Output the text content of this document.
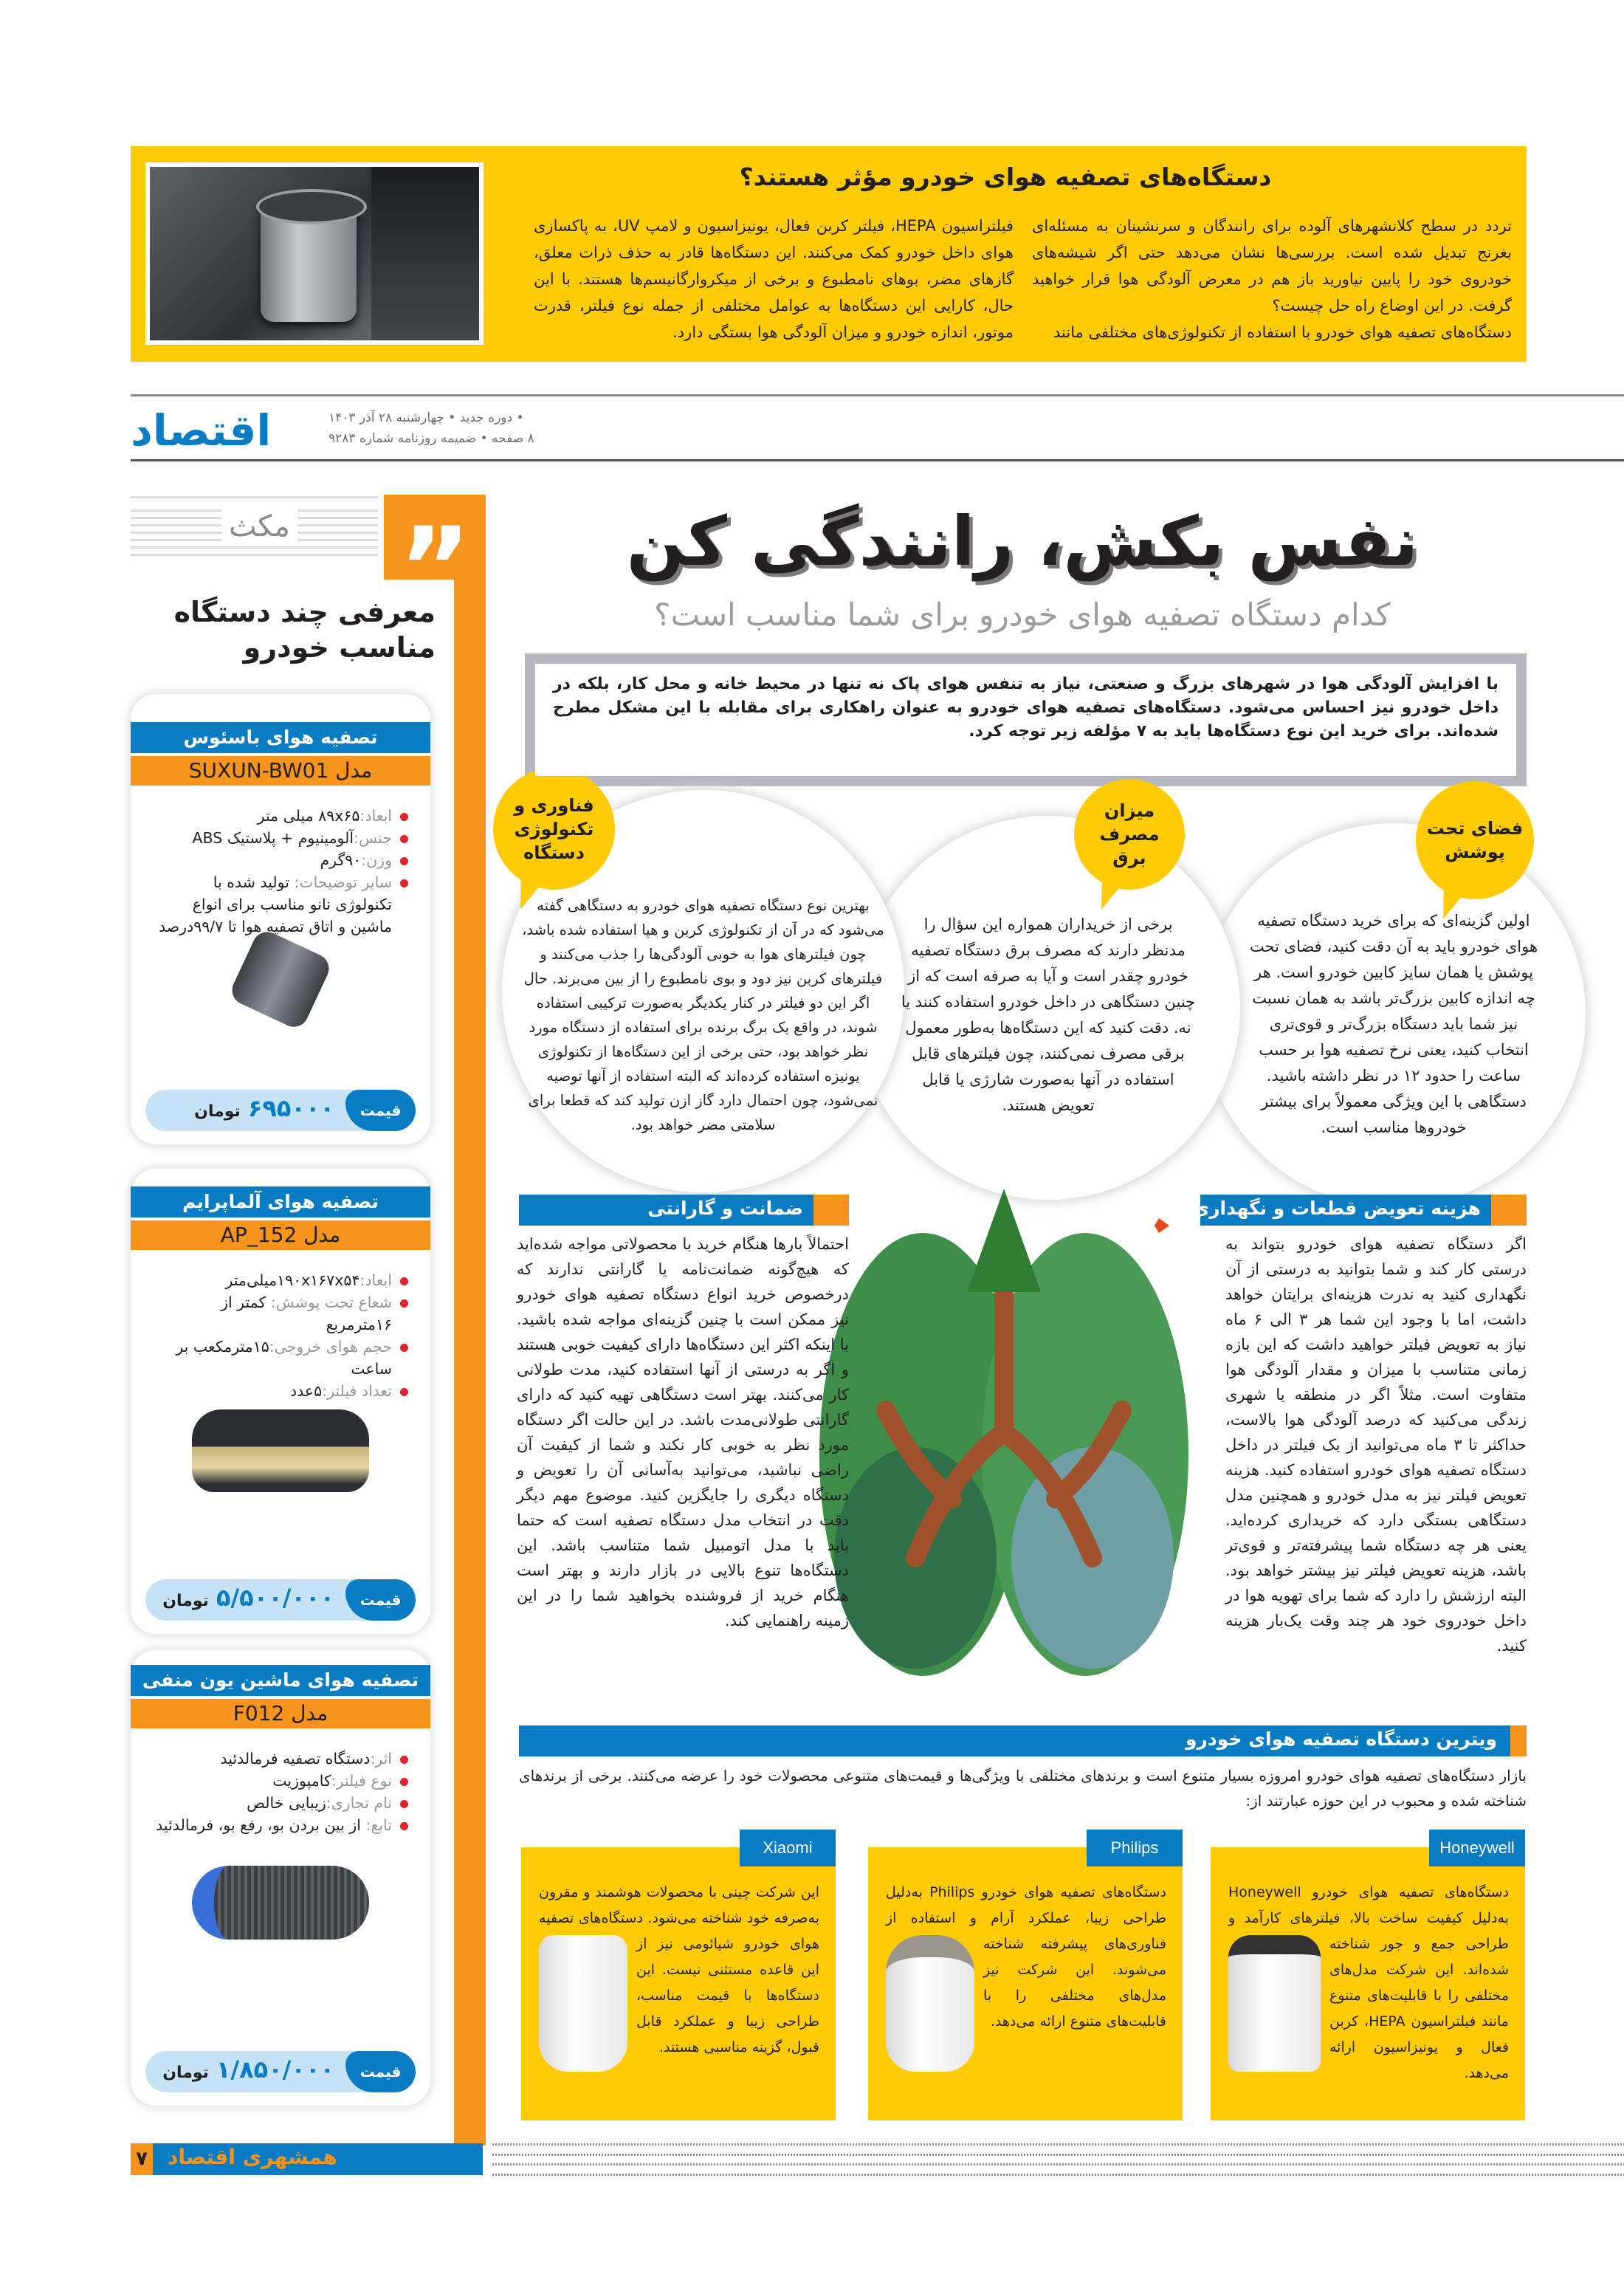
دستگاه‌های تصفیه هوای خودرو مؤثر هستند؟

تردد در سطح کلانشهرهای آلوده برای رانندگان و سرنشینان به مسئله‌ای بغرنج تبدیل شده است. بررسی‌ها نشان می‌دهد حتی اگر شیشه‌های خودروی خود را پایین نیاورید باز هم در معرض آلودگی هوا قرار خواهید گرفت. در این اوضاع راه حل چیست؟

دستگاه‌های تصفیه هوای خودرو با استفاده از تکنولوژی‌های مختلفی مانند

فیلتراسیون HEPA، فیلتر کربن فعال، یونیزاسیون و لامپ UV، به پاکسازی هوای داخل خودرو کمک می‌کنند. این دستگاه‌ها قادر به حذف ذرات معلق، گازهای مضر، بوهای نامطبوع و برخی از میکروارگانیسم‌ها هستند. با این حال، کارایی این دستگاه‌ها به عوامل مختلفی از جمله نوع فیلتر، قدرت موتور، اندازه خودرو و میزان آلودگی هوا بستگی دارد.
اقتصاد	• دوره جدید • چهارشنبه ۲۸ آذر ۱۴۰۳
۸ صفحه • ضمیمه روزنامه شماره ۹۲۸۳
مکث ”
معرفی چند دستگاه مناسب خودرو
تصفیه هوای باسئوس
مدل SUXUN-BW01
ابعاد:۸۹x۶۵ میلی متر
جنس:آلومینیوم + پلاستیک ABS
وزن:۹۰گرم
سایر توضیحات: تولید شده با تکنولوژی نانو مناسب برای انواع ماشین و اتاق تصفیه هوا تا ۹۹/۷درصد
قیمت
۶۹۵۰۰۰تومان
تصفیه هوای آلماپرایم
مدل AP_152
ابعاد:۱۹۰x۱۶۷x۵۴میلی‌متر
شعاع تحت پوشش: کمتر از ۱۶مترمربع
حجم هوای خروجی:۱۵مترمکعب بر ساعت
تعداد فیلتر:۵عدد
قیمت
۵/۵۰۰/۰۰۰تومان
تصفیه هوای ماشین یون منفی
مدل F012
اثر:دستگاه تصفیه فرمالدئید
نوع فیلتر:کامپوزیت
نام تجاری:زیبایی خالص
تابع: از بین بردن بو، رفع بو، فرمالدئید
قیمت
۱/۸۵۰/۰۰۰تومان
نفس بکش، رانندگی کن
کدام دستگاه تصفیه هوای خودرو برای شما مناسب است؟
با افزایش آلودگی هوا در شهرهای بزرگ و صنعتی، نیاز به تنفس هوای پاک نه تنها در محیط خانه و محل کار، بلکه در داخل خودرو نیز احساس می‌شود. دستگاه‌های تصفیه هوای خودرو به عنوان راهکاری برای مقابله با این مشکل مطرح شده‌اند. برای خرید این نوع دستگاه‌ها باید به ۷ مؤلفه زیر توجه کرد.
اولین گزینه‌ای که برای خرید دستگاه تصفیه هوای خودرو باید به آن دقت کنید، فضای تحت پوشش یا همان سایز کابین خودرو است. هر چه اندازه کابین بزرگ‌تر باشد به همان نسبت نیز شما باید دستگاه بزرگ‌تر و قوی‌تری انتخاب کنید، یعنی نرخ تصفیه هوا بر حسب ساعت را حدود ۱۲ در نظر داشته باشید. دستگاهی با این ویژگی معمولاً برای بیشتر خودروها مناسب است.
برخی از خریداران همواره این سؤال را مدنظر دارند که مصرف برق دستگاه تصفیه خودرو چقدر است و آیا به صرفه است که از چنین دستگاهی در داخل خودرو استفاده کنند یا نه. دقت کنید که این دستگاه‌ها به‌طور معمول برقی مصرف نمی‌کنند، چون فیلترهای قابل استفاده در آنها به‌صورت شارژی یا قابل تعویض هستند.
بهترین نوع دستگاه تصفیه هوای خودرو به دستگاهی گفته می‌شود که در آن از تکنولوژی کربن و هپا استفاده شده باشد، چون فیلترهای هوا به خوبی آلودگی‌ها را جذب می‌کنند و فیلترهای کربن نیز دود و بوی نامطبوع را از بین می‌برند. حال اگر این دو فیلتر در کنار یکدیگر به‌صورت ترکیبی استفاده شوند، در واقع یک برگ برنده برای استفاده از دستگاه مورد نظر خواهد بود، حتی برخی از این دستگاه‌ها از تکنولوژی یونیزه استفاده کرده‌اند که البته استفاده از آنها توصیه نمی‌شود، چون احتمال دارد گاز ازن تولید کند که قطعا برای سلامتی مضر خواهد بود.
فضای تحت پوشش
میزان مصرف برق
فناوری و تکنولوژی دستگاه
هزینه تعویض قطعات و نگهداری
اگر دستگاه تصفیه هوای خودرو بتواند به درستی کار کند و شما بتوانید به درستی از آن نگهداری کنید به ندرت هزینه‌ای برایتان خواهد داشت، اما با وجود این شما هر ۳ الی ۶ ماه نیاز به تعویض فیلتر خواهید داشت که این بازه زمانی متناسب با میزان و مقدار آلودگی هوا متفاوت است. مثلاً اگر در منطقه یا شهری زندگی می‌کنید که درصد آلودگی هوا بالاست، حداکثر تا ۳ ماه می‌توانید از یک فیلتر در داخل دستگاه تصفیه هوای خودرو استفاده کنید. هزینه تعویض فیلتر نیز به مدل خودرو و همچنین مدل دستگاهی بستگی دارد که خریداری کرده‌اید. یعنی هر چه دستگاه شما پیشرفته‌تر و قوی‌تر باشد، هزینه تعویض فیلتر نیز بیشتر خواهد بود. البته ارزشش را دارد که شما برای تهویه هوا در داخل خودروی خود هر چند وقت یک‌بار هزینه کنید.
ضمانت و گارانتی
احتمالاً بارها هنگام خرید با محصولاتی مواجه شده‌اید که هیچ‌گونه ضمانت‌نامه یا گارانتی ندارند که درخصوص خرید انواع دستگاه تصفیه هوای خودرو نیز ممکن است با چنین گزینه‌ای مواجه شده باشید. با اینکه اکثر این دستگاه‌ها دارای کیفیت خوبی هستند و اگر به درستی از آنها استفاده کنید، مدت طولانی کار می‌کنند. بهتر است دستگاهی تهیه کنید که دارای گارانتی طولانی‌مدت باشد. در این حالت اگر دستگاه مورد نظر به خوبی کار نکند و شما از کیفیت آن راضی نباشید، می‌توانید به‌آسانی آن را تعویض و دستگاه دیگری را جایگزین کنید. موضوع مهم دیگر دقت در انتخاب مدل دستگاه تصفیه است که حتما باید با مدل اتومبیل شما متناسب باشد. این دستگاه‌ها تنوع بالایی در بازار دارند و بهتر است هنگام خرید از فروشنده بخواهید شما را در این زمینه راهنمایی کند.
ویترین دستگاه تصفیه هوای خودرو
بازار دستگاه‌های تصفیه هوای خودرو امروزه بسیار متنوع است و برندهای مختلفی با ویژگی‌ها و قیمت‌های متنوعی محصولات خود را عرضه می‌کنند. برخی از برندهای شناخته شده و محبوب در این حوزه عبارتند از:
Honeywell
دستگاه‌های تصفیه هوای خودرو Honeywell به‌دلیل کیفیت ساخت بالا، فیلترهای کارآمد و طراحی جمع و جور شناخته شده‌اند. این شرکت مدل‌های مختلفی را با قابلیت‌های متنوع مانند فیلتراسیون HEPA، کربن فعال و یونیزاسیون ارائه می‌دهد.
Philips
دستگاه‌های تصفیه هوای خودرو Philips به‌دلیل طراحی زیبا، عملکرد آرام و استفاده از فناوری‌های پیشرفته شناخته می‌شوند. این شرکت نیز مدل‌های مختلفی را با قابلیت‌های متنوع ارائه می‌دهد.
Xiaomi
این شرکت چینی با محصولات هوشمند و مقرون به‌صرفه خود شناخته می‌شود. دستگاه‌های تصفیه هوای خودرو شیائومی نیز از این قاعده مستثنی نیست. این دستگاه‌ها با قیمت مناسب، طراحی زیبا و عملکرد قابل قبول، گزینه مناسبی هستند.
۷ همشهری اقتصاد
